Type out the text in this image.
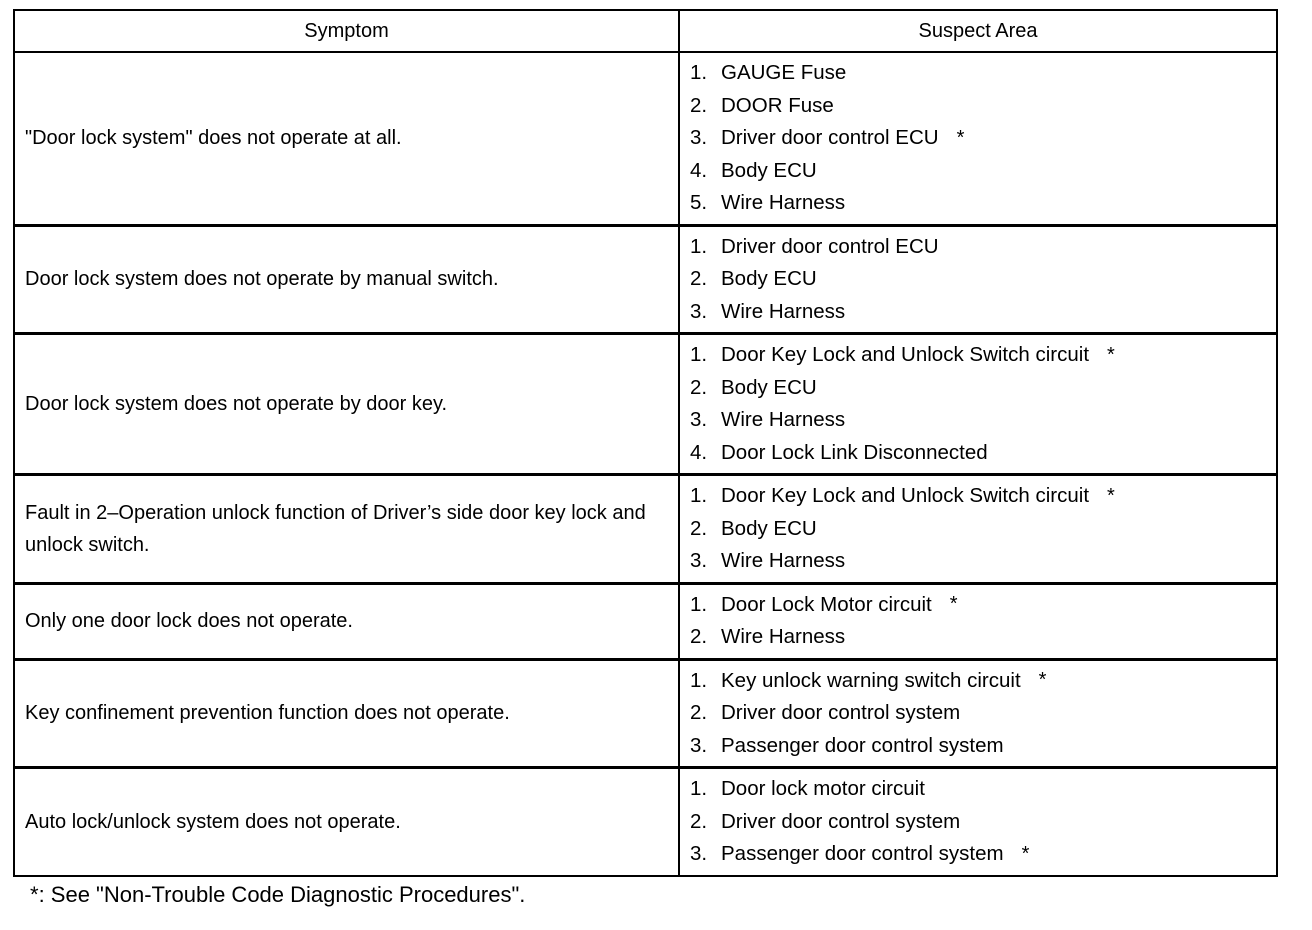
Symptom	Suspect Area
"Door lock system" does not operate at all.
1. GAUGE Fuse
2. DOOR Fuse
3. Driver door control ECU *
4. Body ECU
5. Wire Harness
Door lock system does not operate by manual switch.
1. Driver door control ECU
2. Body ECU
3. Wire Harness
Door lock system does not operate by door key.
1. Door Key Lock and Unlock Switch circuit *
2. Body ECU
3. Wire Harness
4. Door Lock Link Disconnected
Fault in 2–Operation unlock function of Driver’s side door key lock and unlock switch.
1. Door Key Lock and Unlock Switch circuit *
2. Body ECU
3. Wire Harness
Only one door lock does not operate.
1. Door Lock Motor circuit *
2. Wire Harness
Key confinement prevention function does not operate.
1. Key unlock warning switch circuit *
2. Driver door control system
3. Passenger door control system
Auto lock/unlock system does not operate.
1. Door lock motor circuit
2. Driver door control system
3. Passenger door control system *
*: See "Non-Trouble Code Diagnostic Procedures".
